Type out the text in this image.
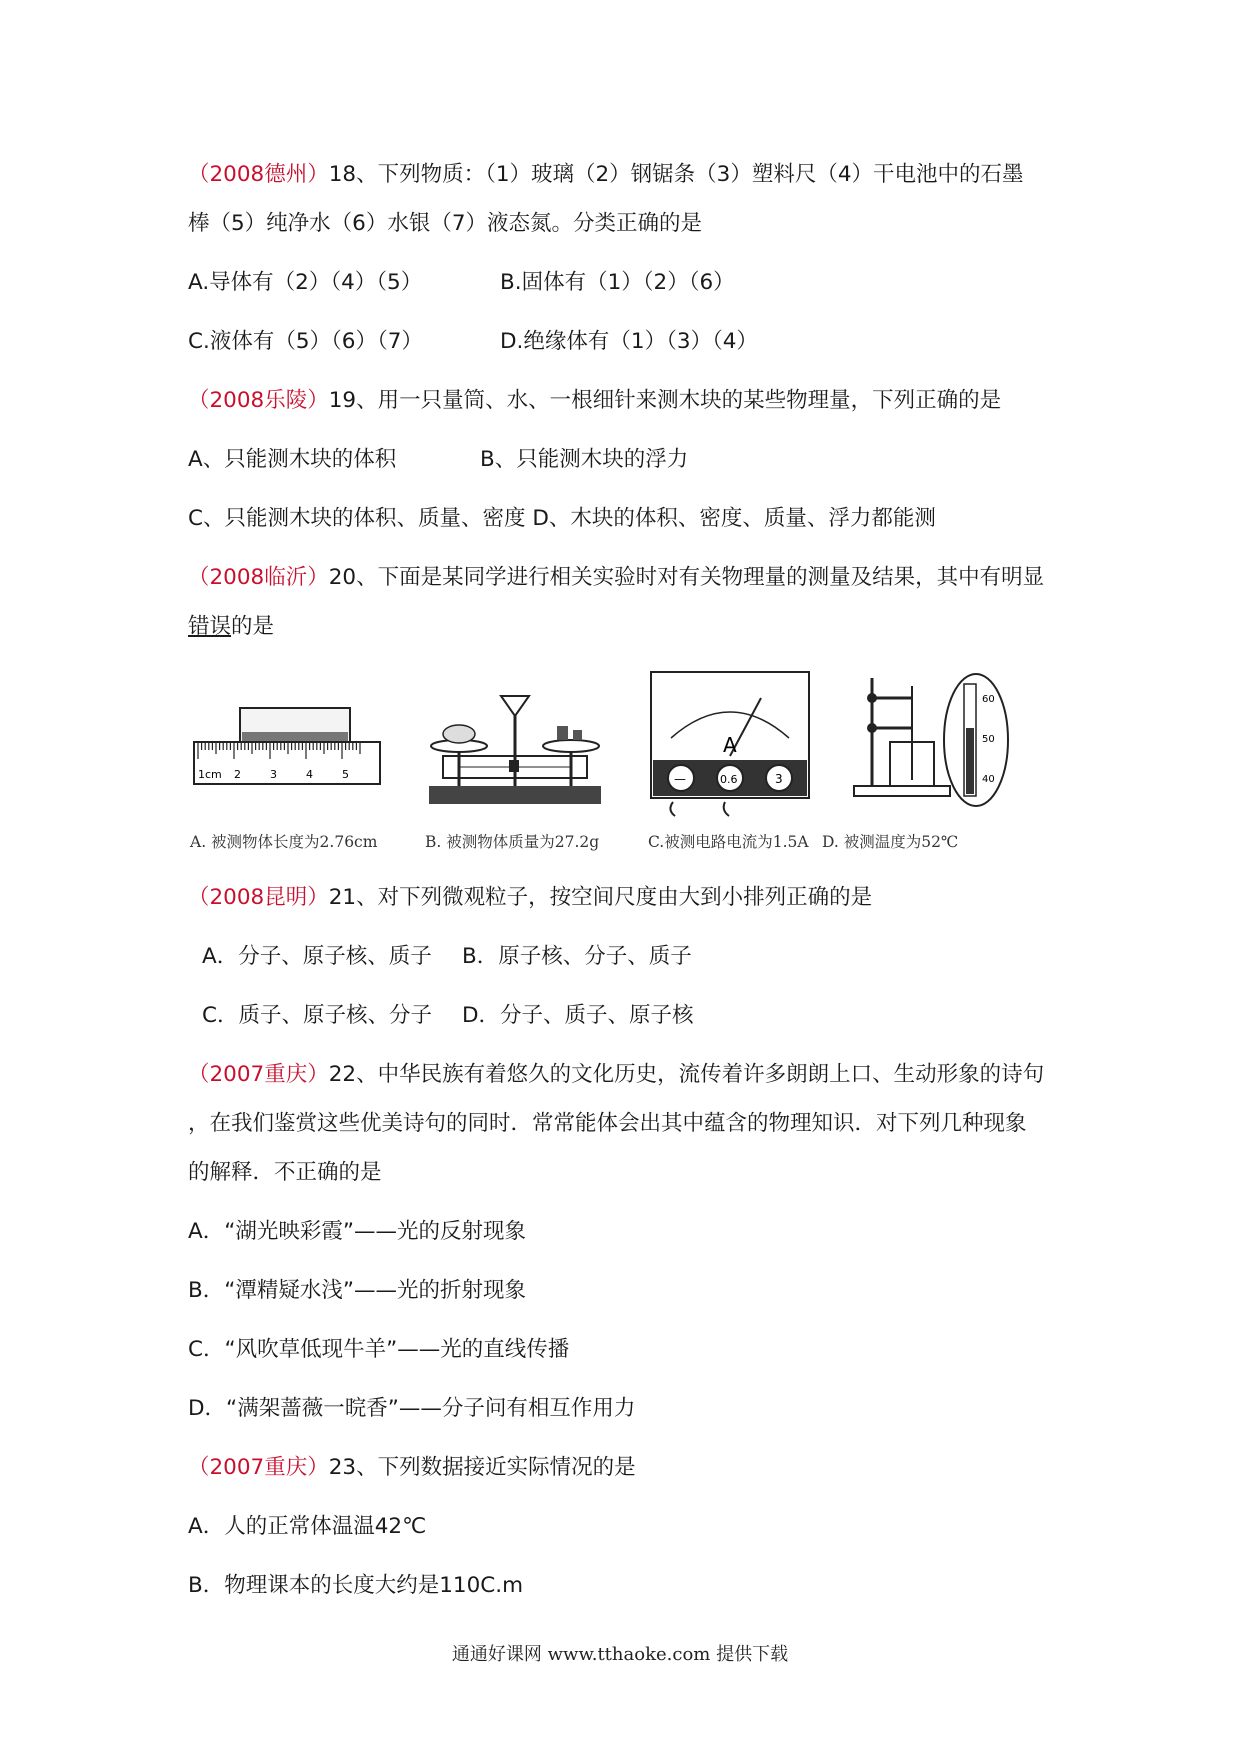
（2008德州）18、下列物质：（1）玻璃（2）钢锯条（3）塑料尺（4）干电池中的石墨
棒（5）纯净水（6）水银（7）液态氮。分类正确的是
A.导体有（2）（4）（5）	B.固体有（1）（2）（6）
C.液体有（5）（6）（7）	D.绝缘体有（1）（3）（4）
（2008乐陵）19、用一只量筒、水、一根细针来测木块的某些物理量，下列正确的是
A、只能测木块的体积	B、只能测木块的浮力
C、只能测木块的体积、质量、密度 D、木块的体积、密度、质量、浮力都能测
（2008临沂）20、下面是某同学进行相关实验时对有关物理量的测量及结果，其中有明显
错误的是
1cm 2	3	4	5
A
—	0.6	3
60
50
40
A. 被测物体长度为2.76cm	B. 被测物体质量为27.2g	C.被测电路电流为1.5A D. 被测温度为52℃
（2008昆明）21、对下列微观粒子，按空间尺度由大到小排列正确的是
A．分子、原子核、质子 B．原子核、分子、质子
C．质子、原子核、分子 D．分子、质子、原子核
（2007重庆）22、中华民族有着悠久的文化历史，流传着许多朗朗上口、生动形象的诗句
，在我们鉴赏这些优美诗句的同时．常常能体会出其中蕴含的物理知识．对下列几种现象
的解释．不正确的是
A．“湖光映彩霞”——光的反射现象
B．“潭精疑水浅”——光的折射现象
C．“风吹草低现牛羊”——光的直线传播
D．“满架蔷薇一晥香”——分子问有相互作用力
（2007重庆）23、下列数据接近实际情况的是
A．人的正常体温温42℃
B．物理课本的长度大约是110C.m
通通好课网 www.tthaoke.com 提供下载
